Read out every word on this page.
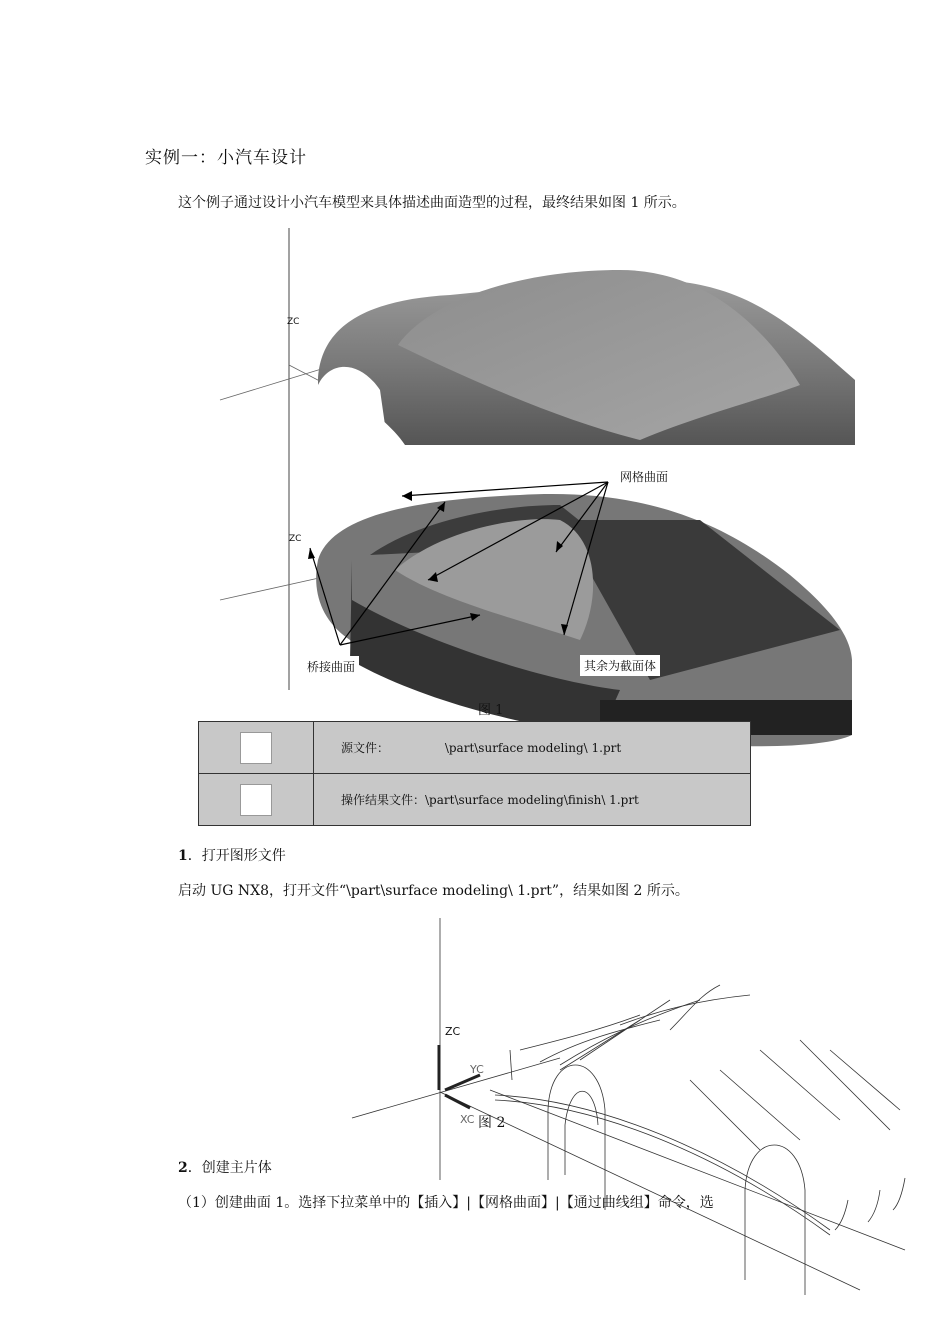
实例一：小汽车设计
这个例子通过设计小汽车模型来具体描述曲面造型的过程，最终结果如图 1 所示。
ZC
ZC
网格曲面
桥接曲面	其余为截面体
图 1
	源文件： \part\surface modeling\ 1.prt
	操作结果文件：\part\surface modeling\finish\ 1.prt
1．打开图形文件
启动 UG NX8，打开文件“\part\surface modeling\ 1.prt”，结果如图 2 所示。
ZC
YC
XC 图 2
2．创建主片体
（1）创建曲面 1。选择下拉菜单中的【插入】|【网格曲面】|【通过曲线组】命令，选
